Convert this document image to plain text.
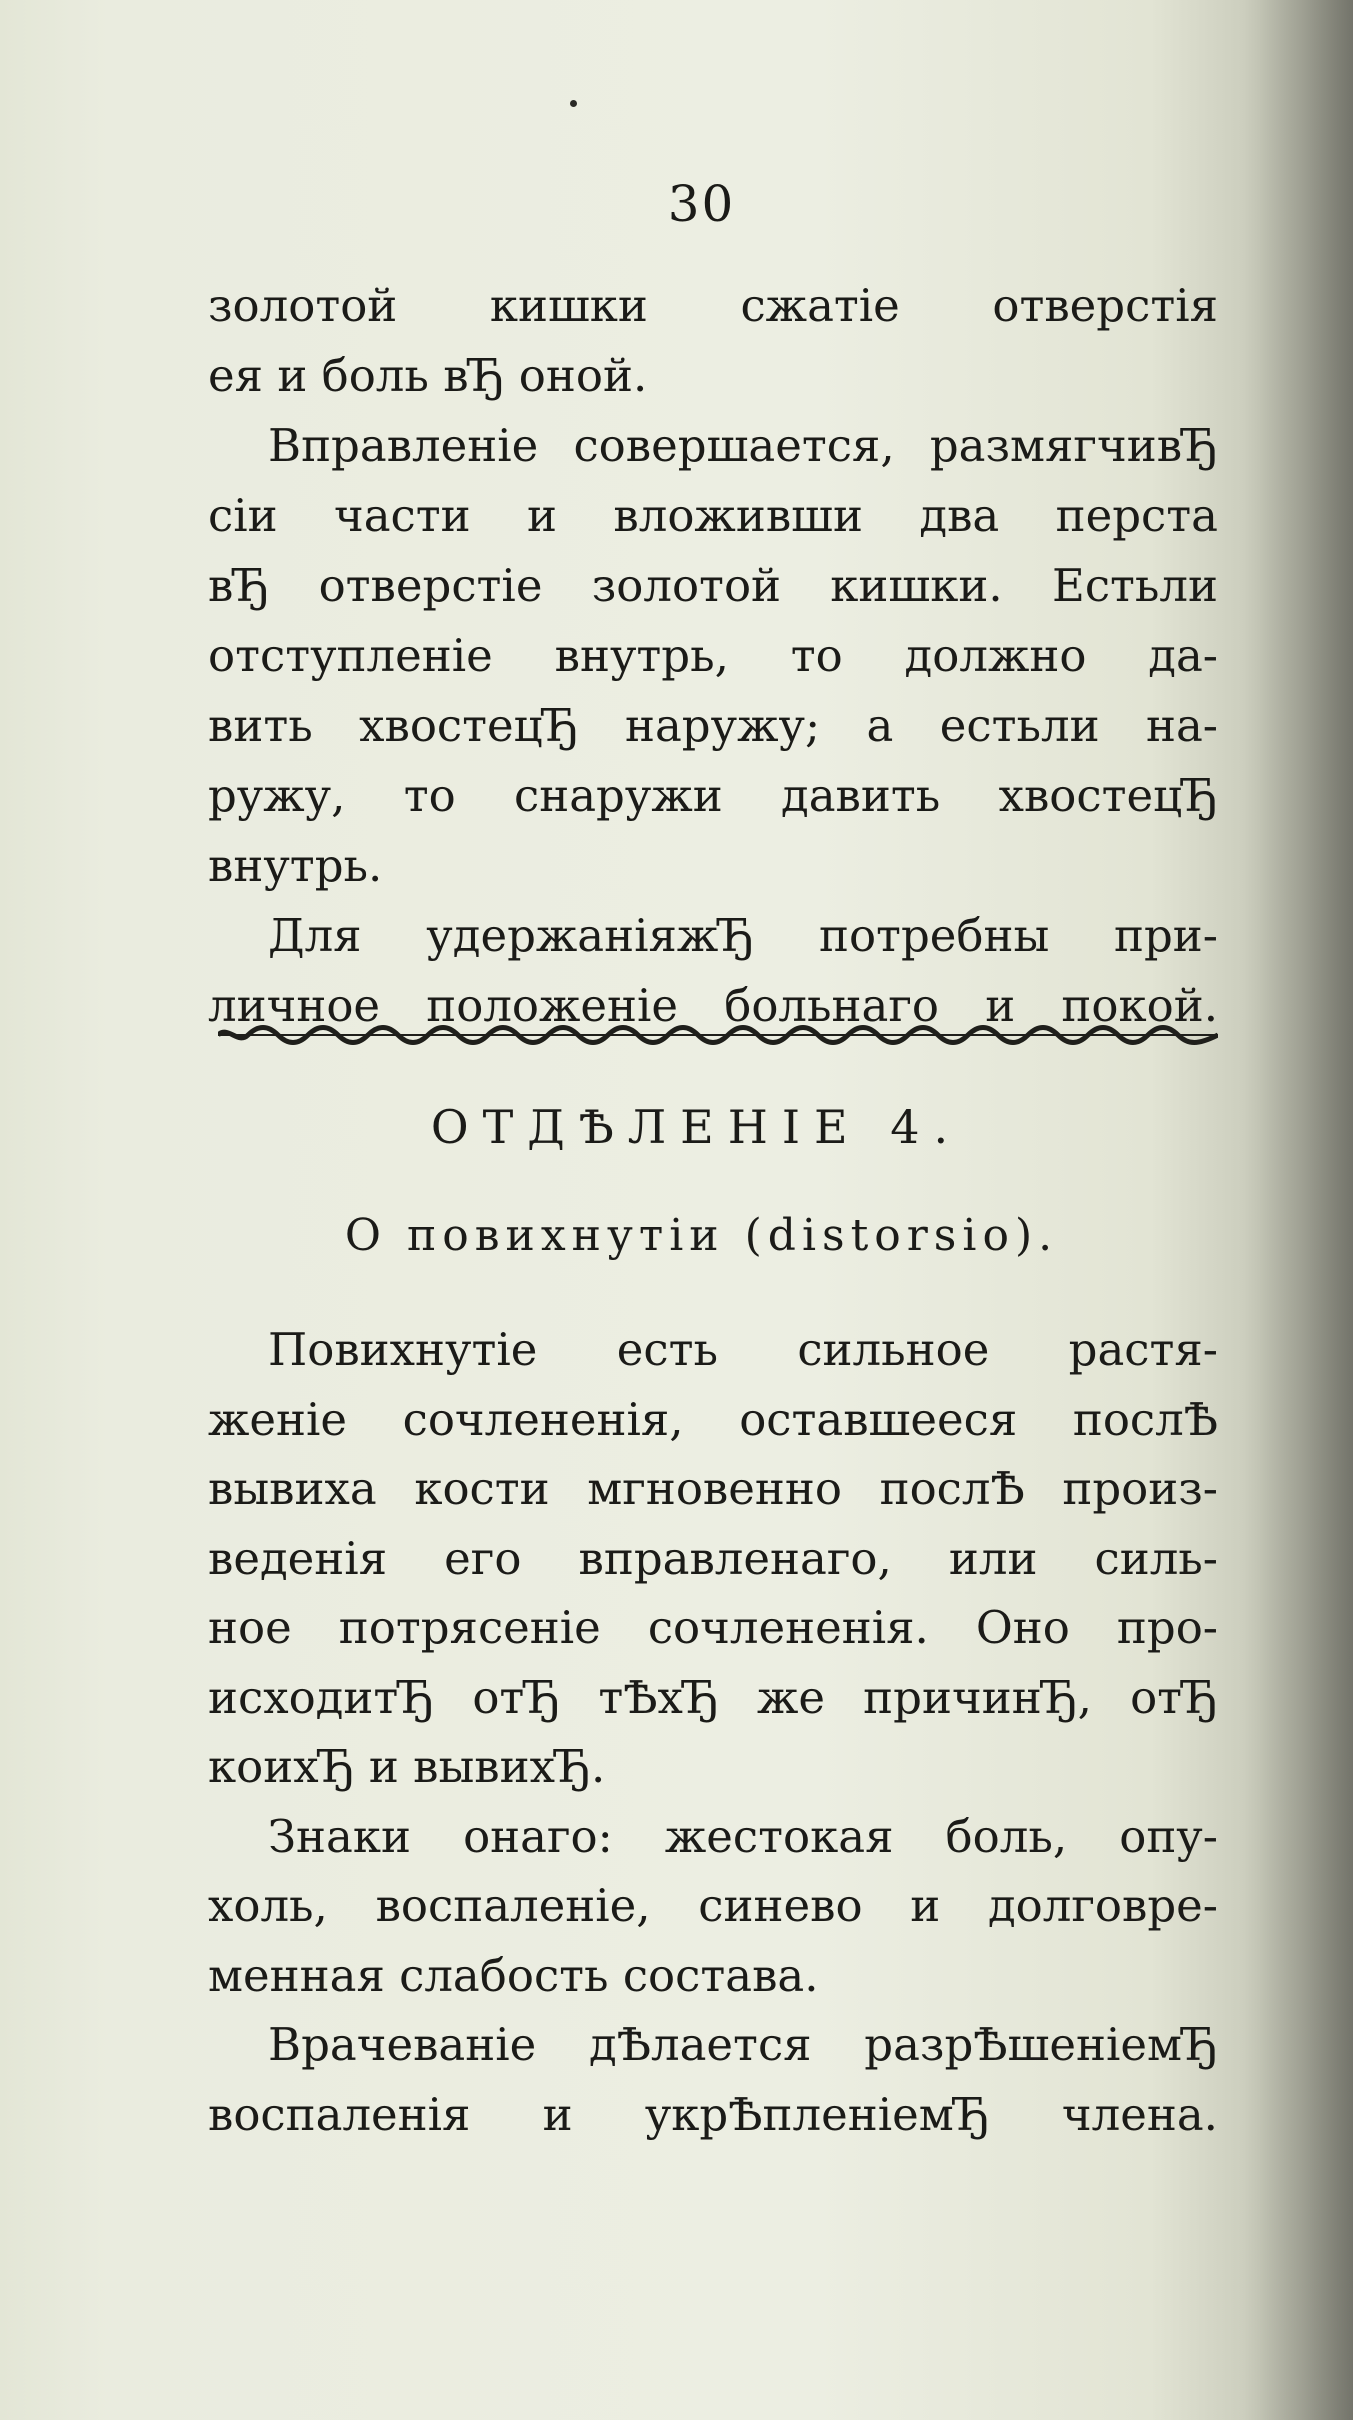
30
золотой кишки сжатіе отверстія
ея и боль вЂ оной.
Вправленіе совершается, размягчивЂ
сіи части и вложивши два перста
вЂ отверстіе золотой кишки. Естьли
отступленіе внутрь, то должно да-
вить хвостецЂ наружу; а естьли на-
ружу, то снаружи давить хвостецЂ
внутрь.
Для удержаніяжЂ потребны при-
личное положеніе больнаго и покой.
ОТДѢЛЕНІЕ 4.
О повихнутіи (distorsio).
Повихнутіе есть сильное растя-
женіе сочлененія, оставшееся послѢ
вывиха кости мгновенно послѢ произ-
веденія его вправленаго, или силь-
ное потрясеніе сочлененія. Оно про-
исходитЂ отЂ тѢхЂ же причинЂ, отЂ
коихЂ и вывихЂ.
Знаки онаго: жестокая боль, опу-
холь, воспаленіе, синево и долговре-
менная слабость состава.
Врачеваніе дѢлается разрѢшеніемЂ
воспаленія и укрѢпленіемЂ члена.
